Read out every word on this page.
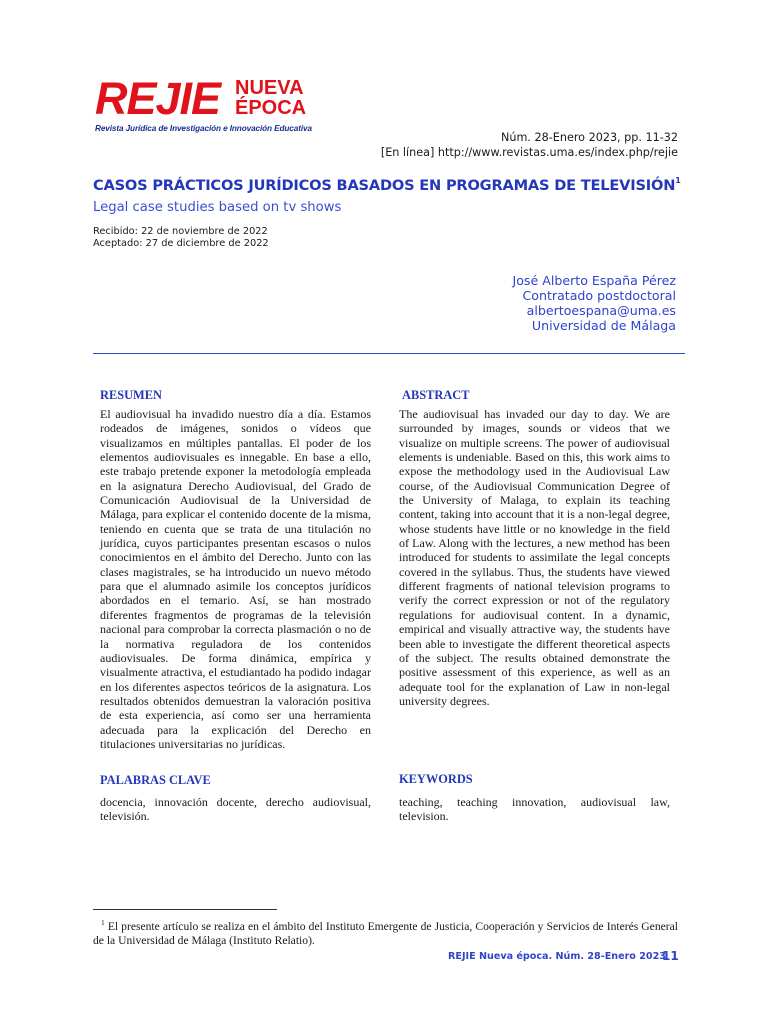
REJIE NUEVA
ÉPOCA
Revista Jurídica de Investigación e Innovación Educativa
Núm. 28-Enero 2023, pp. 11-32
[En línea] http://www.revistas.uma.es/index.php/rejie
CASOS PRÁCTICOS JURÍDICOS BASADOS EN PROGRAMAS DE TELEVISIÓN$^1$
Legal case studies based on tv shows
Recibido: 22 de noviembre de 2022
Aceptado: 27 de diciembre de 2022
José Alberto España Pérez
Contratado postdoctoral
albertoespana@uma.es
Universidad de Málaga
RESUMEN
El audiovisual ha invadido nuestro día a día. Estamos rodeados de imágenes, sonidos o vídeos que visualizamos en múltiples pantallas. El poder de los elementos audiovisuales es innegable. En base a ello, este trabajo pretende exponer la metodología empleada en la asignatura Derecho Audiovisual, del Grado de Comunicación Audiovisual de la Universidad de Málaga, para explicar el contenido docente de la misma, teniendo en cuenta que se trata de una titulación no jurídica, cuyos participantes presentan escasos o nulos conocimientos en el ámbito del Derecho. Junto con las clases magistrales, se ha introducido un nuevo método para que el alumnado asimile los conceptos jurídicos abordados en el temario. Así, se han mostrado diferentes fragmentos de programas de la televisión nacional para comprobar la correcta plasmación o no de la normativa reguladora de los contenidos audiovisuales. De forma dinámica, empírica y visualmente atractiva, el estudiantado ha podido indagar en los diferentes aspectos teóricos de la asignatura. Los resultados obtenidos demuestran la valoración positiva de esta experiencia, así como ser una herramienta adecuada para la explicación del Derecho en titulaciones universitarias no jurídicas.
ABSTRACT
The audiovisual has invaded our day to day. We are surrounded by images, sounds or videos that we visualize on multiple screens. The power of audiovisual elements is undeniable. Based on this, this work aims to expose the methodology used in the Audiovisual Law course, of the Audiovisual Communication Degree of the University of Malaga, to explain its teaching content, taking into account that it is a non-legal degree, whose students have little or no knowledge in the field of Law. Along with the lectures, a new method has been introduced for students to assimilate the legal concepts covered in the syllabus. Thus, the students have viewed different fragments of national television programs to verify the correct expression or not of the regulatory regulations for audiovisual content. In a dynamic, empirical and visually attractive way, the students have been able to investigate the different theoretical aspects of the subject. The results obtained demonstrate the positive assessment of this experience, as well as an adequate tool for the explanation of Law in non-legal university degrees.
PALABRAS CLAVE
docencia, innovación docente, derecho audiovisual, televisión.
KEYWORDS
teaching, teaching innovation, audiovisual law, television.
$^1$ El presente artículo se realiza en el ámbito del Instituto Emergente de Justicia, Cooperación y Servicios de Interés General de la Universidad de Málaga (Instituto Relatio).
REJIE Nueva época. Núm. 28-Enero 2023
11
